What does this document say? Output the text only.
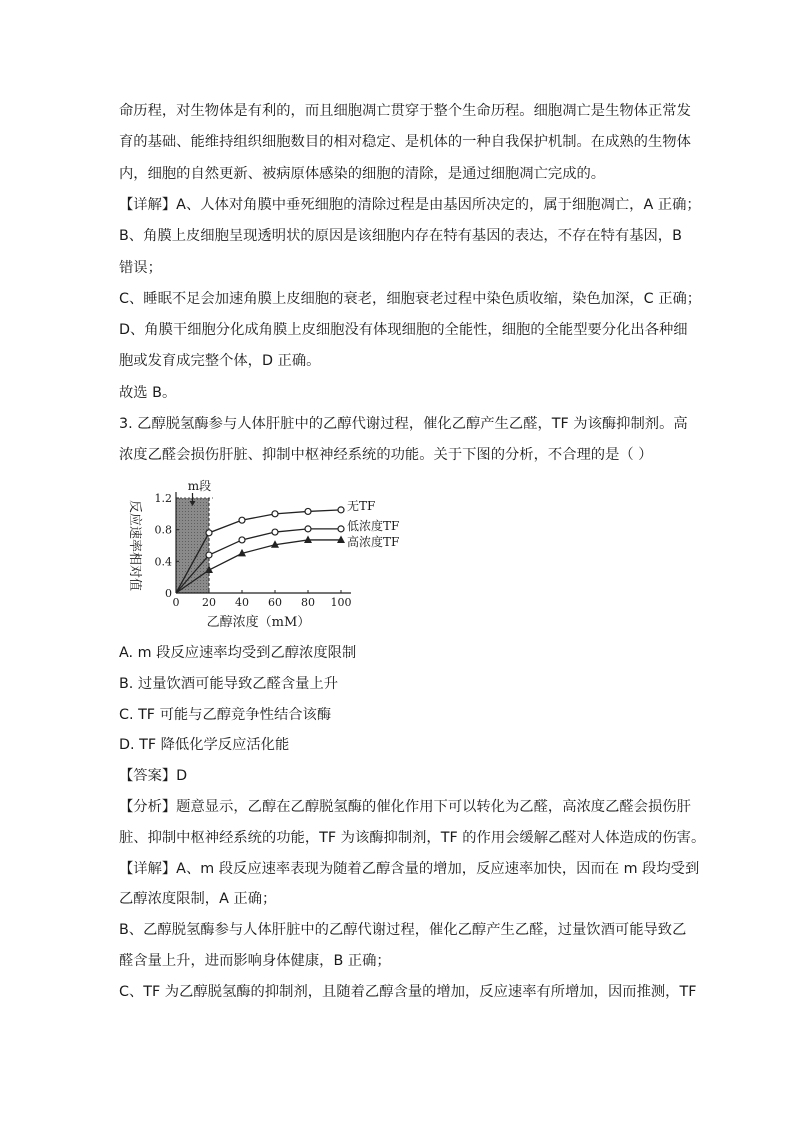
命历程，对生物体是有利的，而且细胞凋亡贯穿于整个生命历程。细胞凋亡是生物体正常发
育的基础、能维持组织细胞数目的相对稳定、是机体的一种自我保护机制。在成熟的生物体
内，细胞的自然更新、被病原体感染的细胞的清除，是通过细胞凋亡完成的。
【详解】A、人体对角膜中垂死细胞的清除过程是由基因所决定的，属于细胞凋亡，A 正确；
B、角膜上皮细胞呈现透明状的原因是该细胞内存在特有基因的表达，不存在特有基因，B
错误；
C、睡眠不足会加速角膜上皮细胞的衰老，细胞衰老过程中染色质收缩，染色加深，C 正确；
D、角膜干细胞分化成角膜上皮细胞没有体现细胞的全能性，细胞的全能型要分化出各种细
胞或发育成完整个体，D 正确。
故选 B。
3. 乙醇脱氢酶参与人体肝脏中的乙醇代谢过程，催化乙醇产生乙醛，TF 为该酶抑制剂。高
浓度乙醛会损伤肝脏、抑制中枢神经系统的功能。关于下图的分析，不合理的是（ ）
m段
0 20 40 60 80 100
0
0.4
0.8
1.2
反应速率相对值
乙醇浓度（mM）
无TF
低浓度TF
高浓度TF
A. m 段反应速率均受到乙醇浓度限制
B. 过量饮酒可能导致乙醛含量上升
C. TF 可能与乙醇竞争性结合该酶
D. TF 降低化学反应活化能
【答案】D
【分析】题意显示，乙醇在乙醇脱氢酶的催化作用下可以转化为乙醛，高浓度乙醛会损伤肝
脏、抑制中枢神经系统的功能，TF 为该酶抑制剂，TF 的作用会缓解乙醛对人体造成的伤害。
【详解】A、m 段反应速率表现为随着乙醇含量的增加，反应速率加快，因而在 m 段均受到
乙醇浓度限制，A 正确；
B、乙醇脱氢酶参与人体肝脏中的乙醇代谢过程，催化乙醇产生乙醛，过量饮酒可能导致乙
醛含量上升，进而影响身体健康，B 正确；
C、TF 为乙醇脱氢酶的抑制剂，且随着乙醇含量的增加，反应速率有所增加，因而推测，TF
